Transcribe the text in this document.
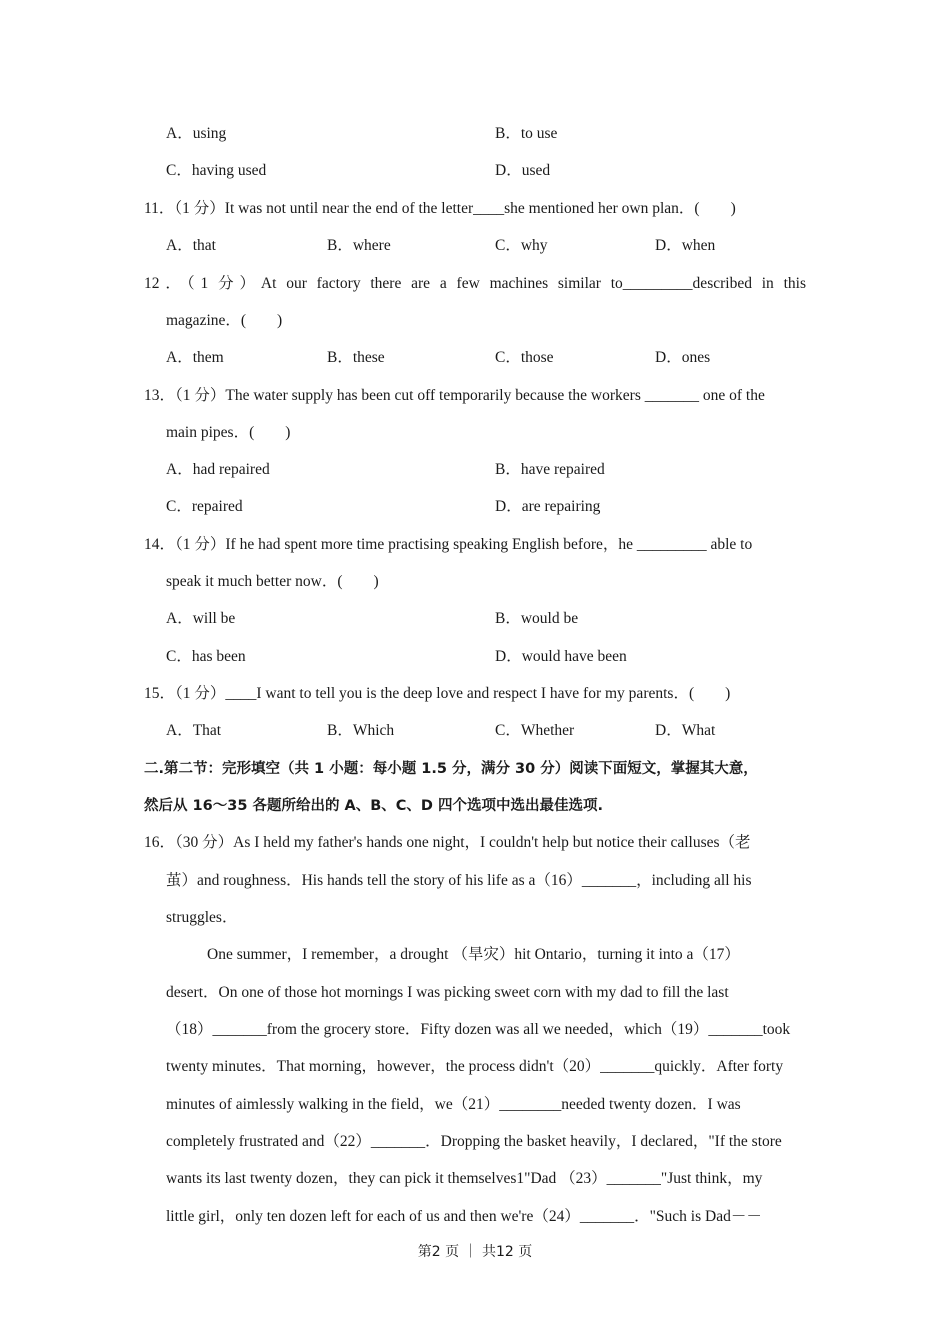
A．using	B．to use
C．having used	D．used
11．（1 分）It was not until near the end of the letter____she mentioned her own plan．(　　)
A．that	B．where	C．why	D．when
12．（1 分）At our factory there are a few machines similar to_________described in this
magazine．(　　)
A．them	B．these	C．those	D．ones
13．（1 分）The water supply has been cut off temporarily because the workers _______ one of the
main pipes．(　　)
A．had repaired	B．have repaired
C．repaired	D．are repairing
14．（1 分）If he had spent more time practising speaking English before，he _________ able to
speak it much better now．(　　)
A．will be	B．would be
C．has been	D．would have been
15．（1 分）____I want to tell you is the deep love and respect I have for my parents．(　　)
A．That	B．Which	C．Whether	D．What
二.第二节：完形填空（共 1 小题：每小题 1.5 分，满分 30 分）阅读下面短文，掌握其大意，
然后从 16～35 各题所给出的 A、B、C、D 四个选项中选出最佳选项.
16．（30 分）As I held my father's hands one night，I couldn't help but notice their calluses（老
茧）and roughness．His hands tell the story of his life as a（16）_______，including all his
struggles．
One summer，I remember，a drought （旱灾）hit Ontario，turning it into a（17）
desert．On one of those hot mornings I was picking sweet corn with my dad to fill the last
（18）_______from the grocery store．Fifty dozen was all we needed，which（19）_______took
twenty minutes．That morning，however，the process didn't（20）_______quickly．After forty
minutes of aimlessly walking in the field，we（21）________needed twenty dozen．I was
completely frustrated and（22）_______．Dropping the basket heavily，I declared，"If the store
wants its last twenty dozen，they can pick it themselves1"Dad （23）_______"Just think，my
little girl，only ten dozen left for each of us and then we're（24）_______．"Such is Dad－－
第2 页 ｜ 共12 页
